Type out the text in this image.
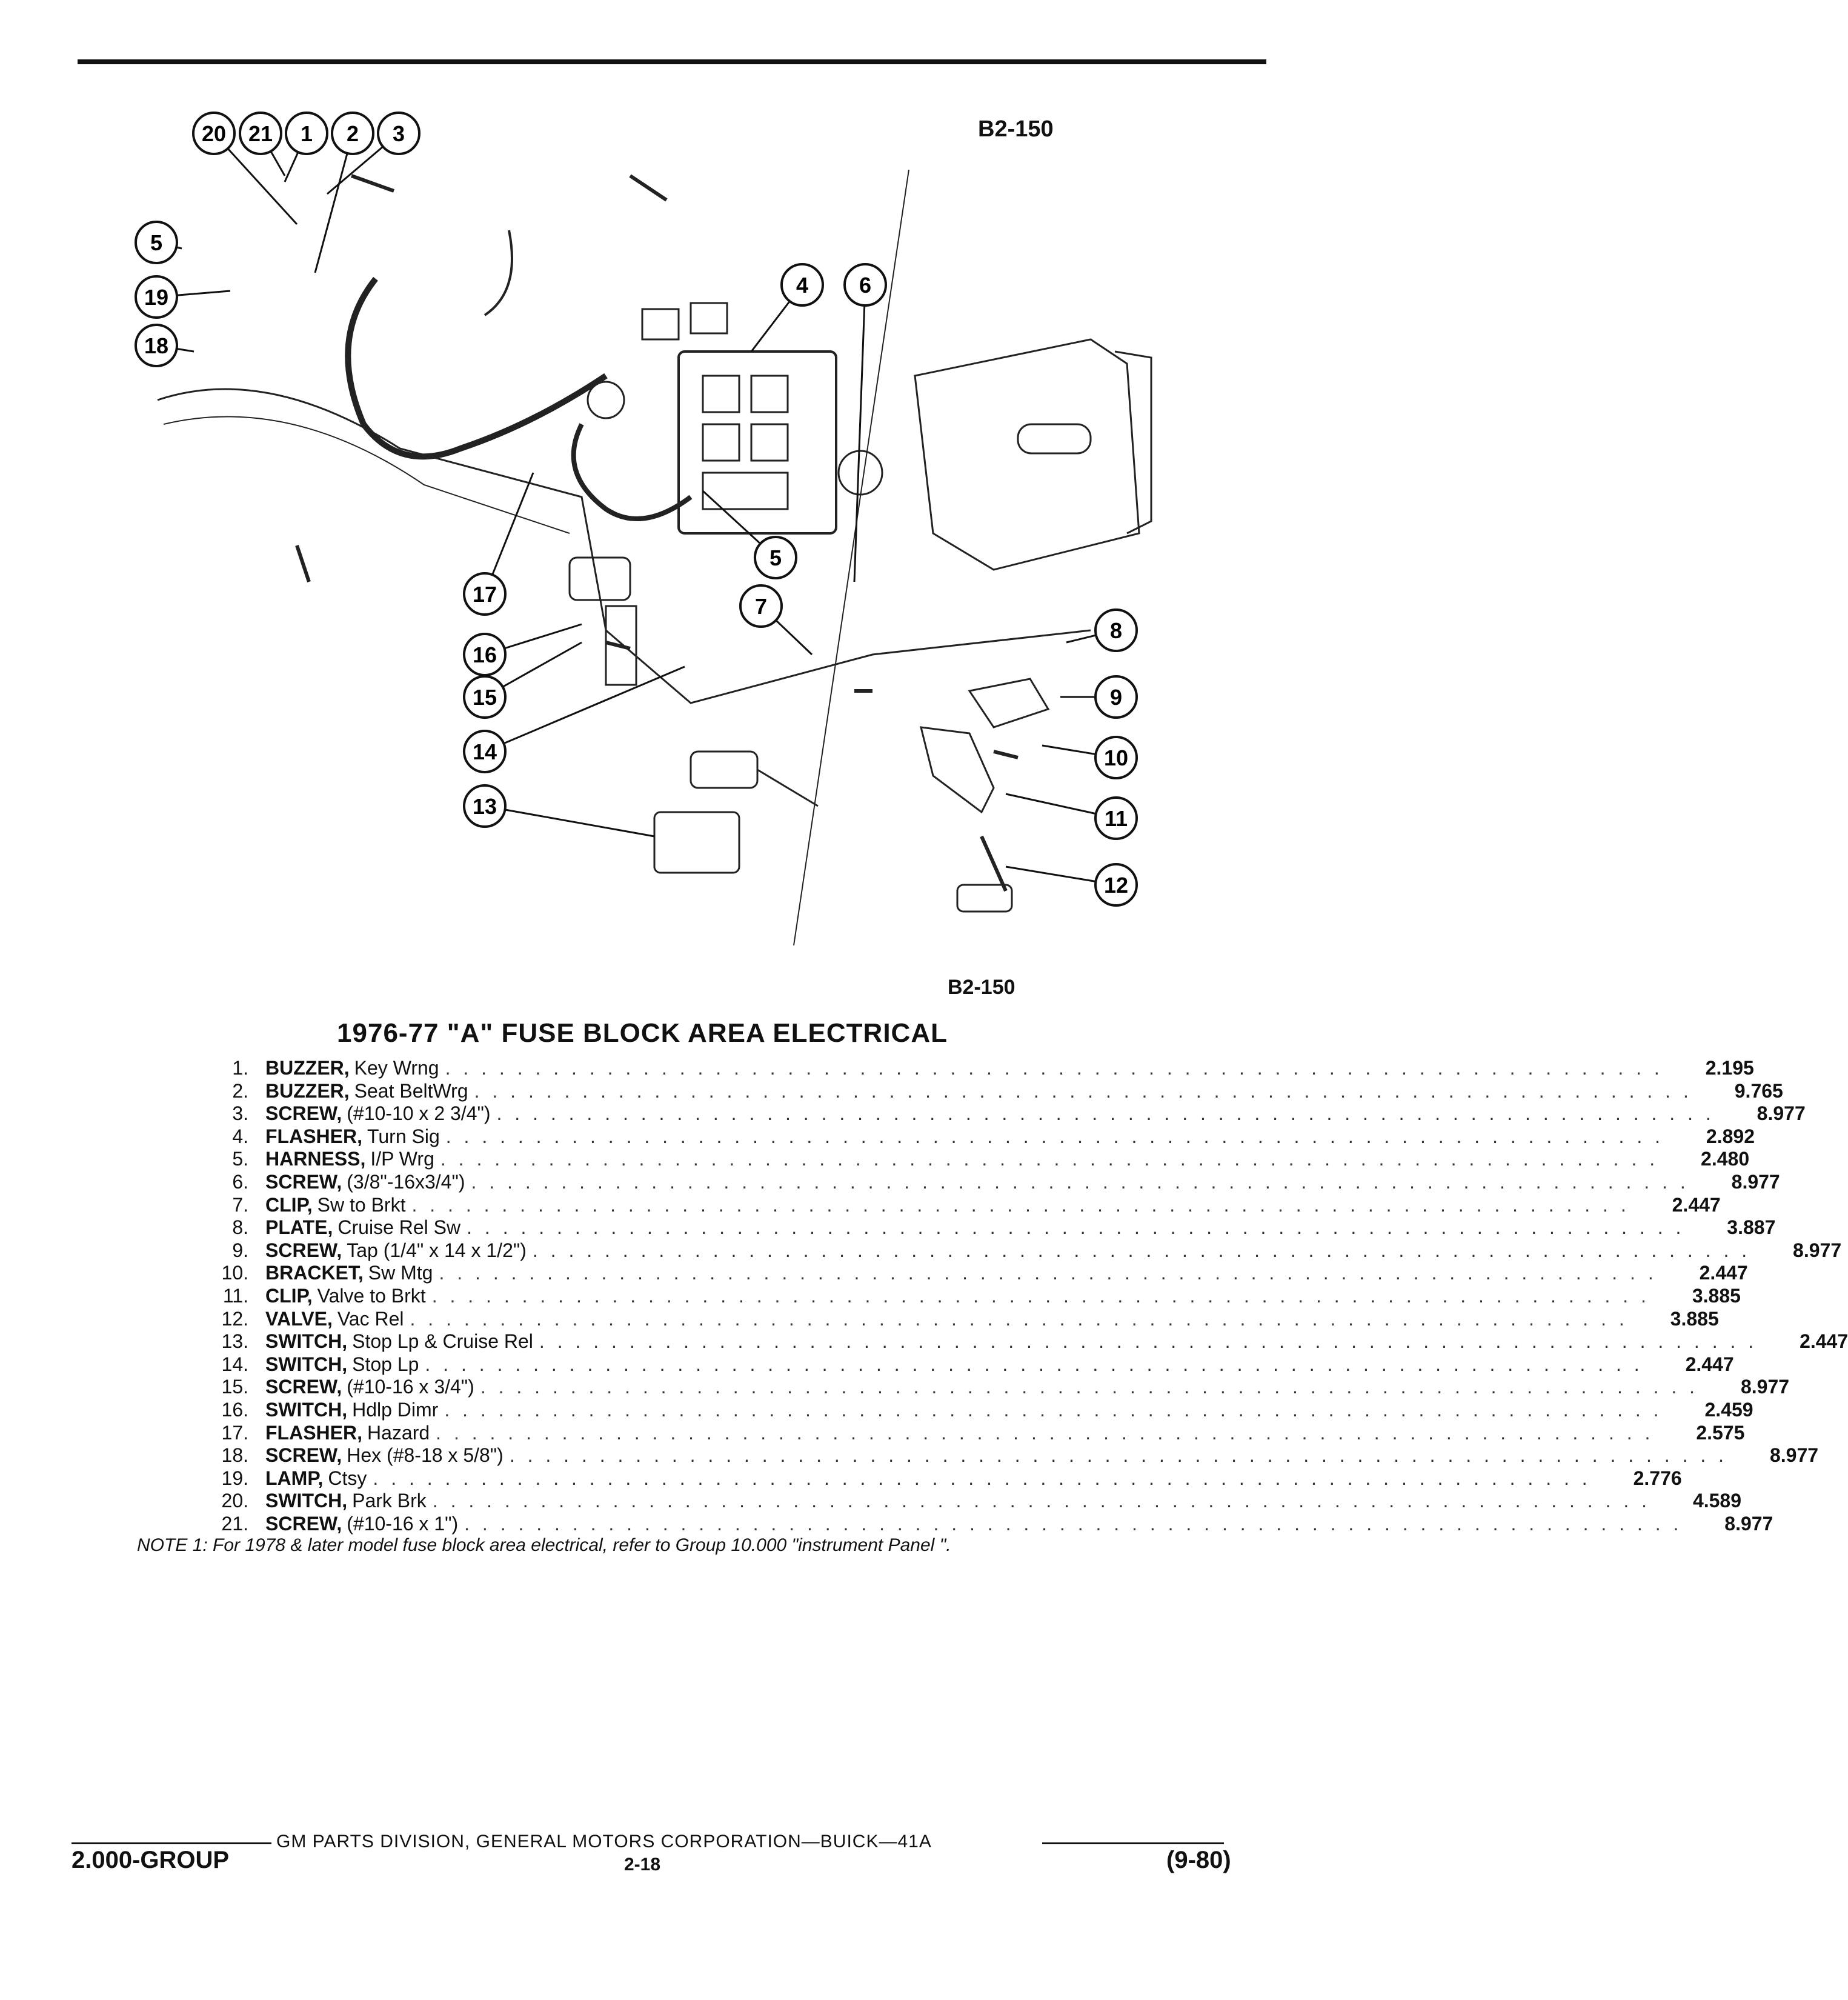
B2-150
20 21 1 2 3
5
19
18
4 6
5
17	7
8
16
9
15
10
14
11
13
12
B2-150
1976-77 "A" FUSE BLOCK AREA ELECTRICAL
1. BUZZER, Key Wrng . . . . . . . . . . . . . . . . . . . . . . . . . . . . . . . . . . . . . . . . . . . . . . . . . . . . . . . . . . . . . . . . . . . .	2.195
2. BUZZER, Seat BeltWrg . . . . . . . . . . . . . . . . . . . . . . . . . . . . . . . . . . . . . . . . . . . . . . . . . . . . . . . . . . . . . . . . . . . .	9.765
3. SCREW, (#10-10 x 2 3/4") . . . . . . . . . . . . . . . . . . . . . . . . . . . . . . . . . . . . . . . . . . . . . . . . . . . . . . . . . . . . . . . . . . . .	8.977
4. FLASHER, Turn Sig . . . . . . . . . . . . . . . . . . . . . . . . . . . . . . . . . . . . . . . . . . . . . . . . . . . . . . . . . . . . . . . . . . . .	2.892
5. HARNESS, I/P Wrg . . . . . . . . . . . . . . . . . . . . . . . . . . . . . . . . . . . . . . . . . . . . . . . . . . . . . . . . . . . . . . . . . . . .	2.480
6. SCREW, (3/8"-16x3/4") . . . . . . . . . . . . . . . . . . . . . . . . . . . . . . . . . . . . . . . . . . . . . . . . . . . . . . . . . . . . . . . . . . . .	8.977
7. CLIP, Sw to Brkt . . . . . . . . . . . . . . . . . . . . . . . . . . . . . . . . . . . . . . . . . . . . . . . . . . . . . . . . . . . . . . . . . . . .	2.447
8. PLATE, Cruise Rel Sw . . . . . . . . . . . . . . . . . . . . . . . . . . . . . . . . . . . . . . . . . . . . . . . . . . . . . . . . . . . . . . . . . . . .	3.887
9. SCREW, Tap (1/4" x 14 x 1/2") . . . . . . . . . . . . . . . . . . . . . . . . . . . . . . . . . . . . . . . . . . . . . . . . . . . . . . . . . . . . . . . . . . . .	8.977
10. BRACKET, Sw Mtg . . . . . . . . . . . . . . . . . . . . . . . . . . . . . . . . . . . . . . . . . . . . . . . . . . . . . . . . . . . . . . . . . . . .	2.447
11. CLIP, Valve to Brkt . . . . . . . . . . . . . . . . . . . . . . . . . . . . . . . . . . . . . . . . . . . . . . . . . . . . . . . . . . . . . . . . . . . .	3.885
12. VALVE, Vac Rel . . . . . . . . . . . . . . . . . . . . . . . . . . . . . . . . . . . . . . . . . . . . . . . . . . . . . . . . . . . . . . . . . . . .	3.885
13. SWITCH, Stop Lp & Cruise Rel . . . . . . . . . . . . . . . . . . . . . . . . . . . . . . . . . . . . . . . . . . . . . . . . . . . . . . . . . . . . . . . . . . . .	2.447
14. SWITCH, Stop Lp . . . . . . . . . . . . . . . . . . . . . . . . . . . . . . . . . . . . . . . . . . . . . . . . . . . . . . . . . . . . . . . . . . . .	2.447
15. SCREW, (#10-16 x 3/4") . . . . . . . . . . . . . . . . . . . . . . . . . . . . . . . . . . . . . . . . . . . . . . . . . . . . . . . . . . . . . . . . . . . .	8.977
16. SWITCH, Hdlp Dimr . . . . . . . . . . . . . . . . . . . . . . . . . . . . . . . . . . . . . . . . . . . . . . . . . . . . . . . . . . . . . . . . . . . .	2.459
17. FLASHER, Hazard . . . . . . . . . . . . . . . . . . . . . . . . . . . . . . . . . . . . . . . . . . . . . . . . . . . . . . . . . . . . . . . . . . . .	2.575
18. SCREW, Hex (#8-18 x 5/8") . . . . . . . . . . . . . . . . . . . . . . . . . . . . . . . . . . . . . . . . . . . . . . . . . . . . . . . . . . . . . . . . . . . .	8.977
19. LAMP, Ctsy . . . . . . . . . . . . . . . . . . . . . . . . . . . . . . . . . . . . . . . . . . . . . . . . . . . . . . . . . . . . . . . . . . . .	2.776
20. SWITCH, Park Brk . . . . . . . . . . . . . . . . . . . . . . . . . . . . . . . . . . . . . . . . . . . . . . . . . . . . . . . . . . . . . . . . . . . .	4.589
21. SCREW, (#10-16 x 1") . . . . . . . . . . . . . . . . . . . . . . . . . . . . . . . . . . . . . . . . . . . . . . . . . . . . . . . . . . . . . . . . . . . .	8.977
NOTE 1: For 1978 & later model fuse block area electrical, refer to Group 10.000 "instrument Panel ".
GM PARTS DIVISION, GENERAL MOTORS CORPORATION—BUICK—41A
2.000-GROUP	2-18	(9-80)
